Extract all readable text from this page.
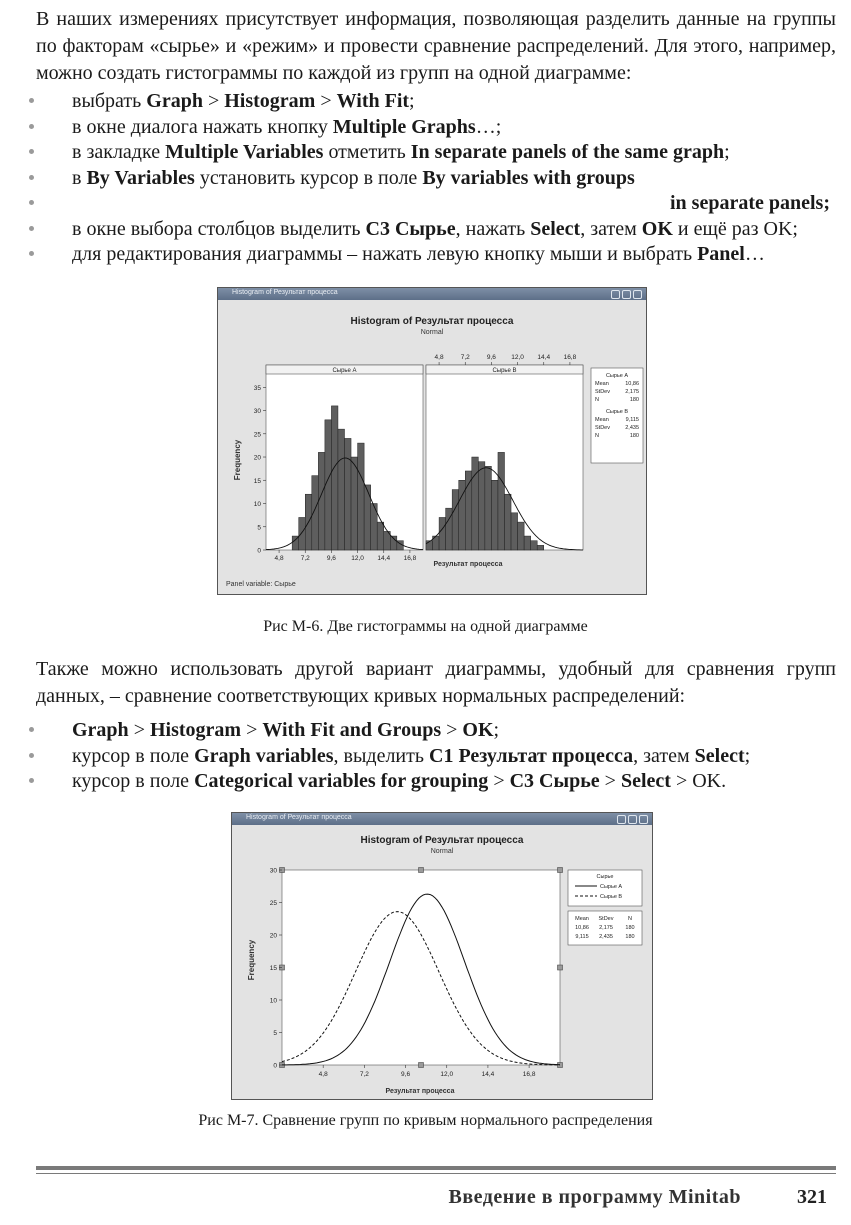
В наших измерениях присутствует информация, позволяющая разделить данные на группы по факторам «сырье» и «режим» и провести сравнение распределений. Для этого, например, можно создать гистограммы по каждой из групп на одной диаграмме:

выбрать Graph > Histogram > With Fit;
в окне диалога нажать кнопку Multiple Graphs…;
в закладке Multiple Variables отметить In separate panels of the same graph;
в By Variables установить курсор в поле By variables with groups
in separate panels;
в окне выбора столбцов выделить C3 Сырье, нажать Select, затем OK и ещё раз OK;
для редактирования диаграммы – нажать левую кнопку мыши и выбрать Panel…
Histogram of Результат процесса
Histogram of Результат процесса
Normal
Frequency
Результат процесса
Panel variable: Сырье
Сырье A	Сырье B
4,8
4,8
7,2
7,2
9,6
9,6
12,0
12,0
14,4
14,4
16,8
16,8
0
5
10
15
20
25
30
35
Сырье A
Mean	10,86
StDev	2,175
N	180
Сырье B
Mean	9,115
StDev	2,435
N	180

Рис М-6. Две гистограммы на одной диаграмме

Также можно использовать другой вариант диаграммы, удобный для сравнения групп данных, – сравнение соответствующих кривых нормальных распределений:

Graph > Histogram > With Fit and Groups > OK;
курсор в поле Graph variables, выделить C1 Результат процесса, затем Select;
курсор в поле Categorical variables for grouping > C3 Сырье > Select > OK.
Histogram of Результат процесса
Histogram of Результат процесса
Normal
Frequency
Результат процесса
4,8	7,2	9,6	12,0	14,4	16,8
0
5
10
15
20
25
30
Сырье
Сырье A
Сырье B
Mean StDev	N
10,86 2,175 180
9,115 2,435 180

Рис М-7. Сравнение групп по кривым нормального распределения

Введение в программу Minitab	321
